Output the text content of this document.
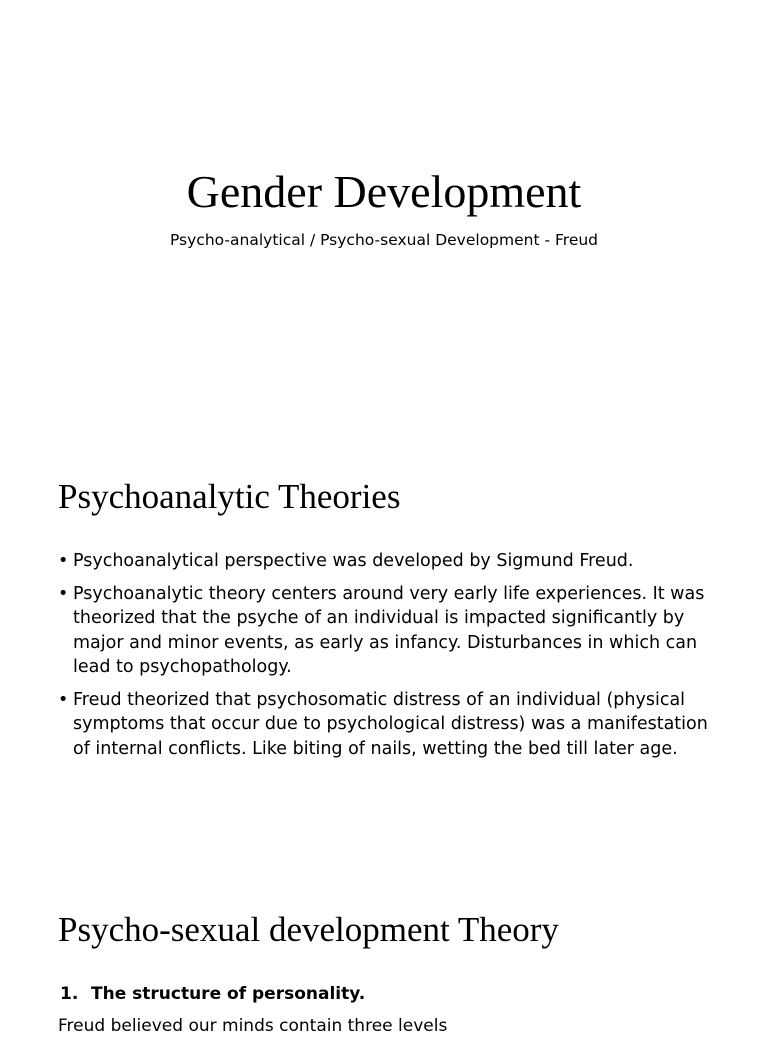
Gender Development

Psycho-analytical / Psycho-sexual Development - Freud

Psychoanalytic Theories
• Psychoanalytical perspective was developed by Sigmund Freud.
• Psychoanalytic theory centers around very early life experiences. It was theorized that the psyche of an individual is impacted significantly by major and minor events, as early as infancy. Disturbances in which can lead to psychopathology.
• Freud theorized that psychosomatic distress of an individual (physical symptoms that occur due to psychological distress) was a manifestation of internal conflicts. Like biting of nails, wetting the bed till later age.
Psycho-sexual development Theory

1. The structure of personality.

Freud believed our minds contain three levels
